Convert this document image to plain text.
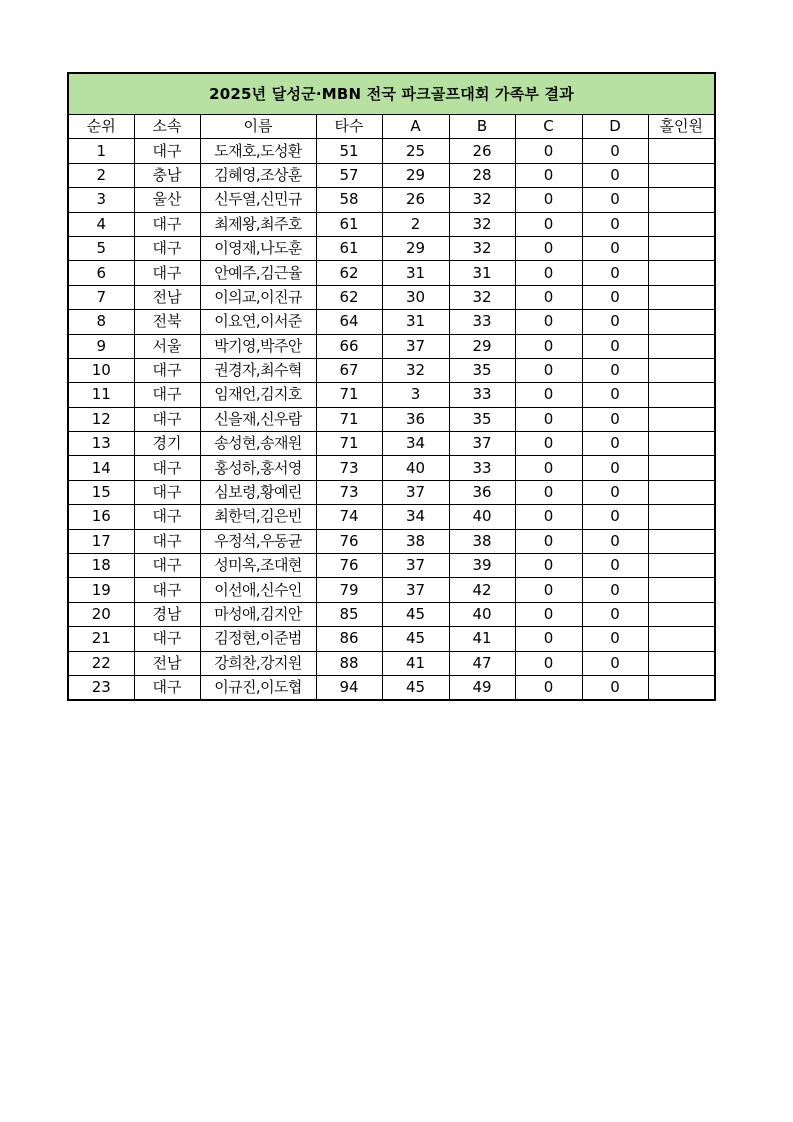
2025년 달성군·MBN 전국 파크골프대회 가족부 결과								
순위	소속	이름	타수	A	B	C	D	홀인원
1	대구	도재호,도성환	51	25	26	0	0	
2	충남	김혜영,조상훈	57	29	28	0	0	
3	울산	신두열,신민규	58	26	32	0	0	
4	대구	최제왕,최주호	61	2	32	0	0	
5	대구	이영재,나도훈	61	29	32	0	0	
6	대구	안예주,김근율	62	31	31	0	0	
7	전남	이의교,이진규	62	30	32	0	0	
8	전북	이요연,이서준	64	31	33	0	0	
9	서울	박기영,박주안	66	37	29	0	0	
10	대구	권경자,최수혁	67	32	35	0	0	
11	대구	임재언,김지호	71	3	33	0	0	
12	대구	신을재,신우람	71	36	35	0	0	
13	경기	송성현,송재원	71	34	37	0	0	
14	대구	홍성하,홍서영	73	40	33	0	0	
15	대구	심보령,황예린	73	37	36	0	0	
16	대구	최한덕,김은빈	74	34	40	0	0	
17	대구	우정석,우동균	76	38	38	0	0	
18	대구	성미옥,조대현	76	37	39	0	0	
19	대구	이선애,신수인	79	37	42	0	0	
20	경남	마성애,김지안	85	45	40	0	0	
21	대구	김정현,이준범	86	45	41	0	0	
22	전남	강희찬,강지원	88	41	47	0	0	
23	대구	이규진,이도협	94	45	49	0	0	
